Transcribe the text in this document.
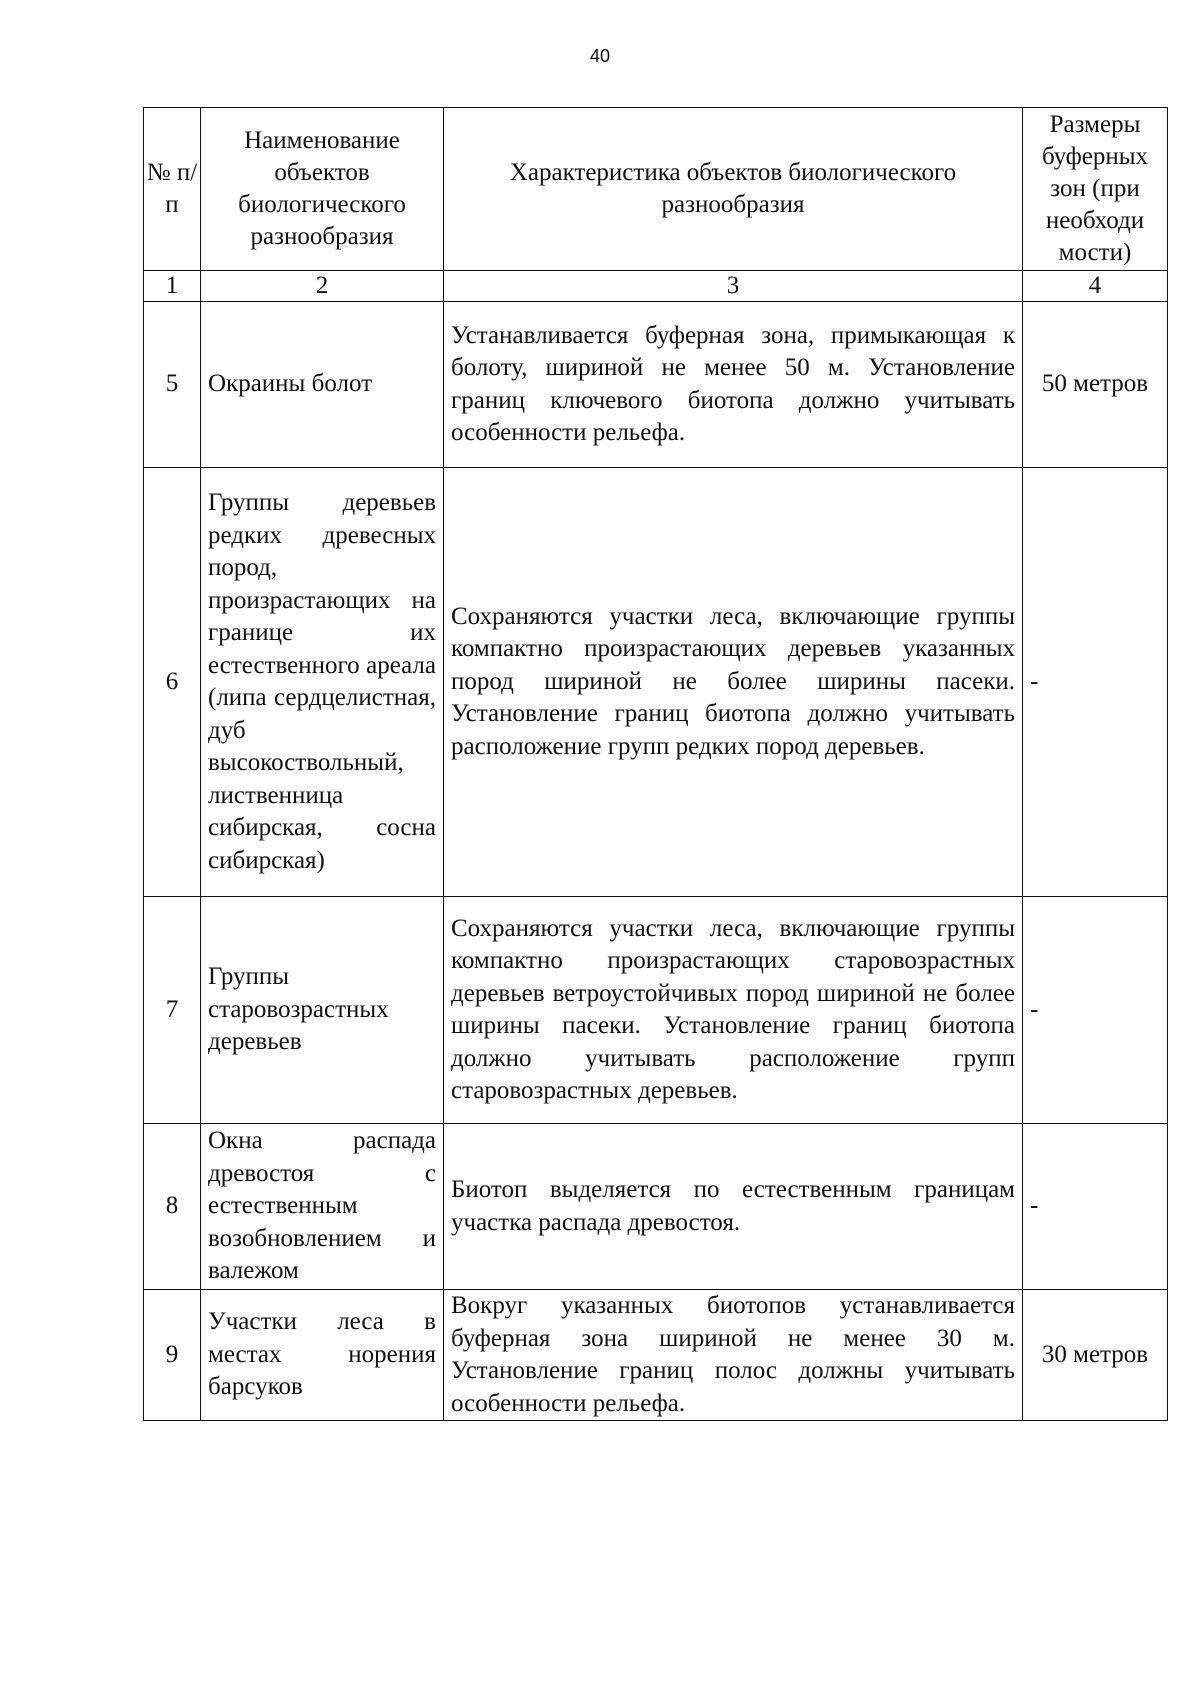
40
№ п/п	Наименование объектов биологического разнообразия	Характеристика объектов биологического разнообразия	Размеры буферных зон (при необходи мости)
1	2	3	4
5	Окраины болот	Устанавливается буферная зона, примыкающая к болоту, шириной не менее 50 м. Установление границ ключевого биотопа должно учитывать особенности рельефа.	50 метров
6	Группы деревьев редких древесных пород, произрастающих на границе их естественного ареала (липа сердцелистная, дуб высокоствольный, лиственница сибирская, сосна сибирская)	Сохраняются участки леса, включающие группы компактно произрастающих деревьев указанных пород шириной не более ширины пасеки. Установление границ биотопа должно учитывать расположение групп редких пород деревьев.	-
7	Группы старовозрастных деревьев	Сохраняются участки леса, включающие группы компактно произрастающих старовозрастных деревьев ветроустойчивых пород шириной не более ширины пасеки. Установление границ биотопа должно учитывать расположение групп старовозрастных деревьев.	-
8	Окна распада древостоя с естественным возобновлением и валежом	Биотоп выделяется по естественным границам участка распада древостоя.	-
9	Участки леса в местах норения барсуков	Вокруг указанных биотопов устанавливается буферная зона шириной не менее 30 м. Установление границ полос должны учитывать особенности рельефа.	30 метров
